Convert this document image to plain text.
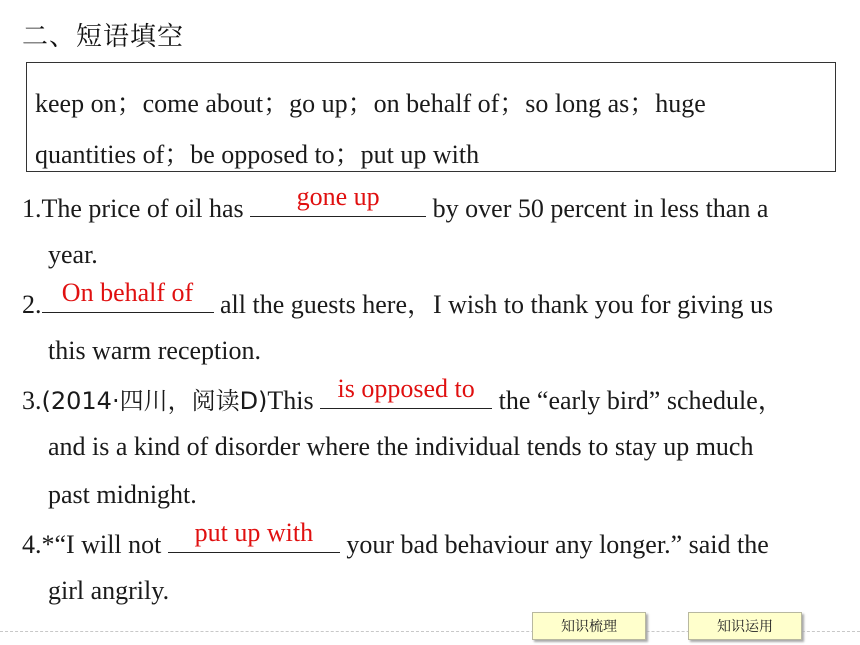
二、短语填空
keep on；come about；go up；on behalf of；so long as；huge
quantities of；be opposed to；put up with
1.The price of oil has	gone up	by over 50 percent in less than a
year.
2. On behalf of all the guests here，I wish to thank you for giving us
this warm reception.
3.(2014·四川，阅读D)This is opposed to the “early bird” schedule，
and is a kind of disorder where the individual tends to stay up much
past midnight.
4.*“I will not	put up with	your bad behaviour any longer.” said the
girl angrily.
知识梳理	知识运用
